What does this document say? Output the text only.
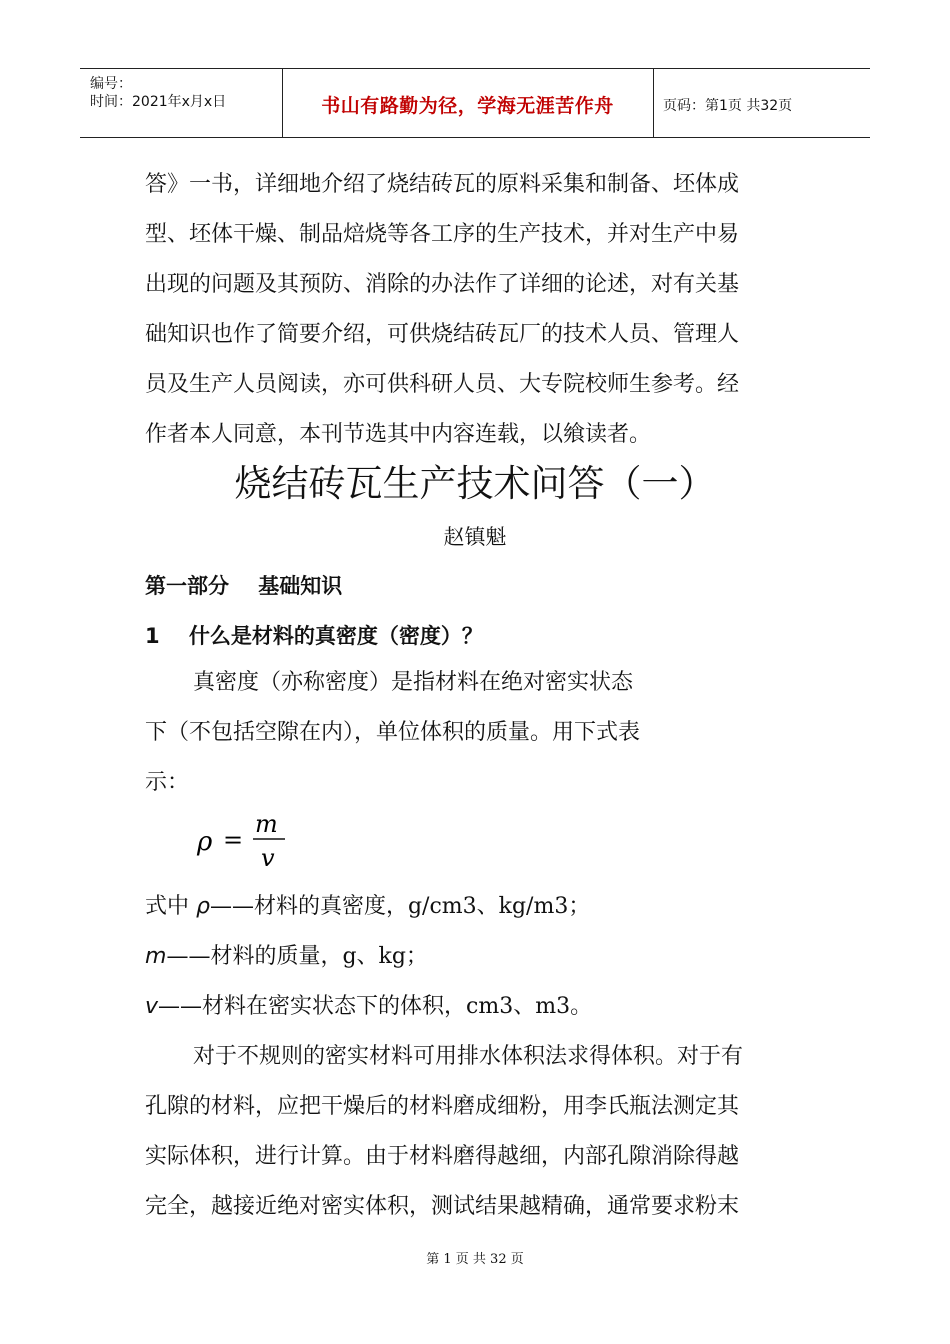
编号：
时间：2021年x月x日	书山有路勤为径，学海无涯苦作舟	页码：第1页 共32页
答》一书，详细地介绍了烧结砖瓦的原料采集和制备、坯体成
型、坯体干燥、制品焙烧等各工序的生产技术，并对生产中易
出现的问题及其预防、消除的办法作了详细的论述，对有关基
础知识也作了简要介绍，可供烧结砖瓦厂的技术人员、管理人
员及生产人员阅读，亦可供科研人员、大专院校师生参考。经
作者本人同意，本刊节选其中内容连载，以飨读者。
烧结砖瓦生产技术问答（一）
赵镇魁
第一部分    基础知识
1    什么是材料的真密度（密度）？
真密度（亦称密度）是指材料在绝对密实状态
下（不包括空隙在内），单位体积的质量。用下式表
示：
ρ =
m
v
式中 ρ——材料的真密度，g/cm3、kg/m3；
m——材料的质量，g、kg；
v——材料在密实状态下的体积，cm3、m3。
对于不规则的密实材料可用排水体积法求得体积。对于有
孔隙的材料，应把干燥后的材料磨成细粉，用李氏瓶法测定其
实际体积，进行计算。由于材料磨得越细，内部孔隙消除得越
完全，越接近绝对密实体积，测试结果越精确，通常要求粉末
第 1 页 共 32 页
